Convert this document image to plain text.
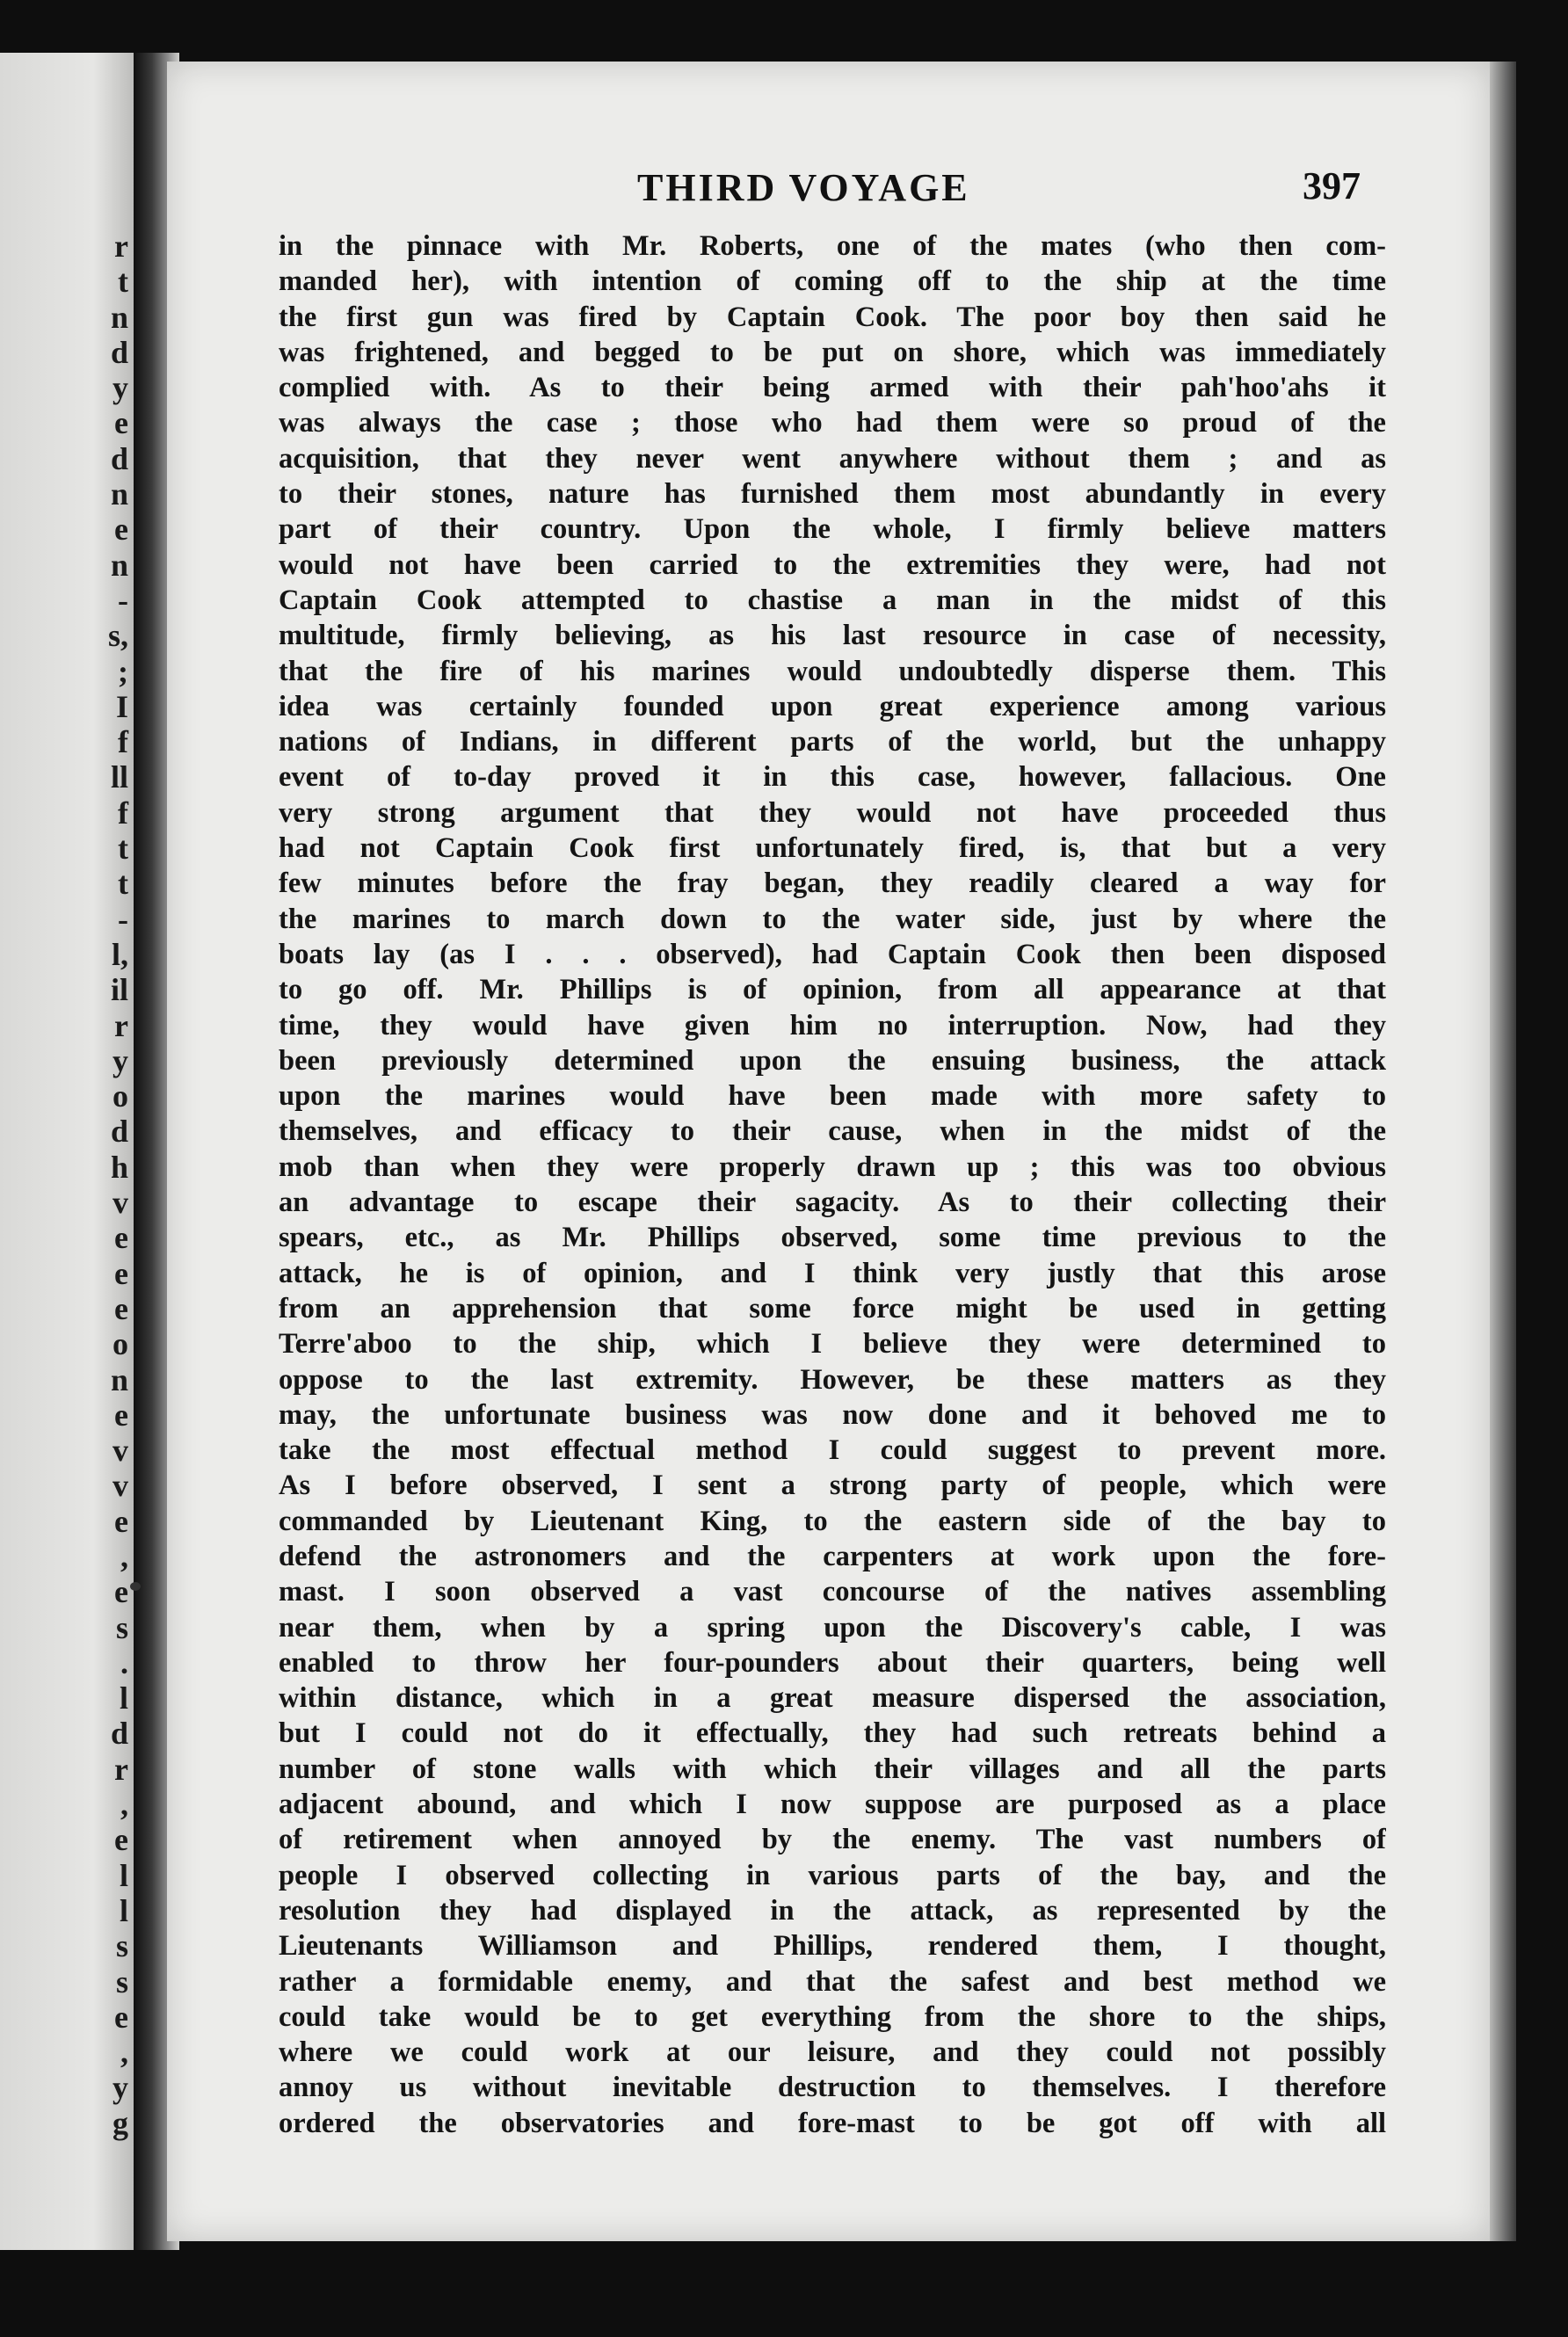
r
t
n
d
y
e
d
n
e
n
-
s,
;
I
f
ll
f
t
t
-
l,
il
r
y
o
d
h
v
e
e
e
o
n
e
v
v
e
,
e
s
.
l
d
r
,
e
l
l
s
s
e
,
y
g
THIRD VOYAGE	397
in the pinnace with Mr. Roberts, one of the mates (who then com-
manded her), with intention of coming off to the ship at the time
the first gun was fired by Captain Cook. The poor boy then said he
was frightened, and begged to be put on shore, which was immediately
complied with. As to their being armed with their pah'hoo'ahs it
was always the case ; those who had them were so proud of the
acquisition, that they never went anywhere without them ; and as
to their stones, nature has furnished them most abundantly in every
part of their country. Upon the whole, I firmly believe matters
would not have been carried to the extremities they were, had not
Captain Cook attempted to chastise a man in the midst of this
multitude, firmly believing, as his last resource in case of necessity,
that the fire of his marines would undoubtedly disperse them. This
idea was certainly founded upon great experience among various
nations of Indians, in different parts of the world, but the unhappy
event of to-day proved it in this case, however, fallacious. One
very strong argument that they would not have proceeded thus
had not Captain Cook first unfortunately fired, is, that but a very
few minutes before the fray began, they readily cleared a way for
the marines to march down to the water side, just by where the
boats lay (as I . . . observed), had Captain Cook then been disposed
to go off. Mr. Phillips is of opinion, from all appearance at that
time, they would have given him no interruption. Now, had they
been previously determined upon the ensuing business, the attack
upon the marines would have been made with more safety to
themselves, and efficacy to their cause, when in the midst of the
mob than when they were properly drawn up ; this was too obvious
an advantage to escape their sagacity. As to their collecting their
spears, etc., as Mr. Phillips observed, some time previous to the
attack, he is of opinion, and I think very justly that this arose
from an apprehension that some force might be used in getting
Terre'aboo to the ship, which I believe they were determined to
oppose to the last extremity. However, be these matters as they
may, the unfortunate business was now done and it behoved me to
take the most effectual method I could suggest to prevent more.
As I before observed, I sent a strong party of people, which were
commanded by Lieutenant King, to the eastern side of the bay to
defend the astronomers and the carpenters at work upon the fore-
mast. I soon observed a vast concourse of the natives assembling
near them, when by a spring upon the Discovery's cable, I was
enabled to throw her four-pounders about their quarters, being well
within distance, which in a great measure dispersed the association,
but I could not do it effectually, they had such retreats behind a
number of stone walls with which their villages and all the parts
adjacent abound, and which I now suppose are purposed as a place
of retirement when annoyed by the enemy. The vast numbers of
people I observed collecting in various parts of the bay, and the
resolution they had displayed in the attack, as represented by the
Lieutenants Williamson and Phillips, rendered them, I thought,
rather a formidable enemy, and that the safest and best method we
could take would be to get everything from the shore to the ships,
where we could work at our leisure, and they could not possibly
annoy us without inevitable destruction to themselves. I therefore
ordered the observatories and fore-mast to be got off with all
